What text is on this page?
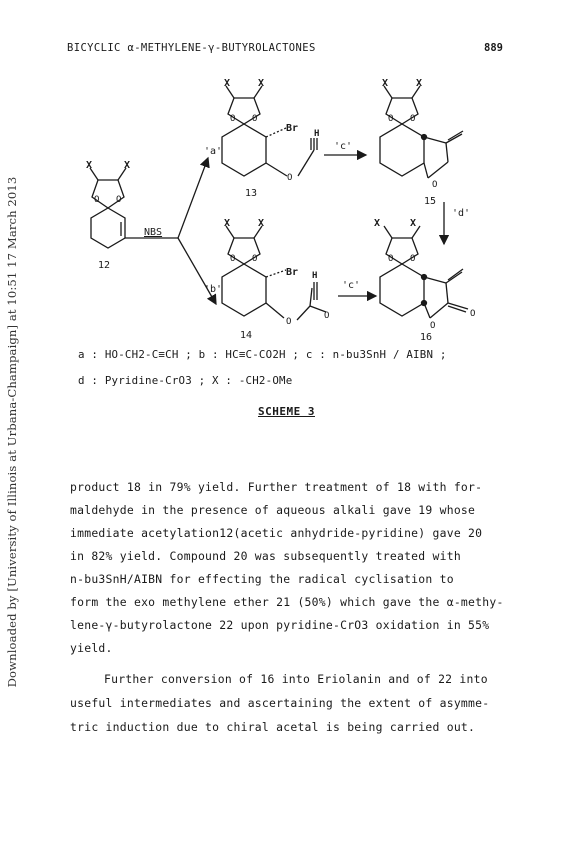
Downloaded by [University of Illinois at Urbana-Champaign] at 10:51 17 March 2013
BICYCLIC α-METHYLENE-γ-BUTYROLACTONES	889
X	X
O O
12
NBS
'a'
'b'
X	X
O O
Br H
O
13
'c'
X	X
O O
O
15
'd'
X	X
O O
Br H
O
O
14
'c'
X	X
O O
O
O
16
a : HO-CH2-C≡CH ; b : HC≡C-CO2H ; c : n-bu3SnH / AIBN ;
d : Pyridine-CrO3 ; X : -CH2-OMe
SCHEME 3
product 18 in 79% yield. Further treatment of 18 with for-
maldehyde in the presence of aqueous alkali gave 19 whose
immediate acetylation12(acetic anhydride-pyridine) gave 20
in 82% yield. Compound 20 was subsequently treated with
n-bu3SnH/AIBN for effecting the radical cyclisation to
form the exo methylene ether 21 (50%) which gave the α-methy-
lene-γ-butyrolactone 22 upon pyridine-CrO3 oxidation in 55%
yield.
Further conversion of 16 into Eriolanin and of 22 into
useful intermediates and ascertaining the extent of asymme-
tric induction due to chiral acetal is being carried out.
